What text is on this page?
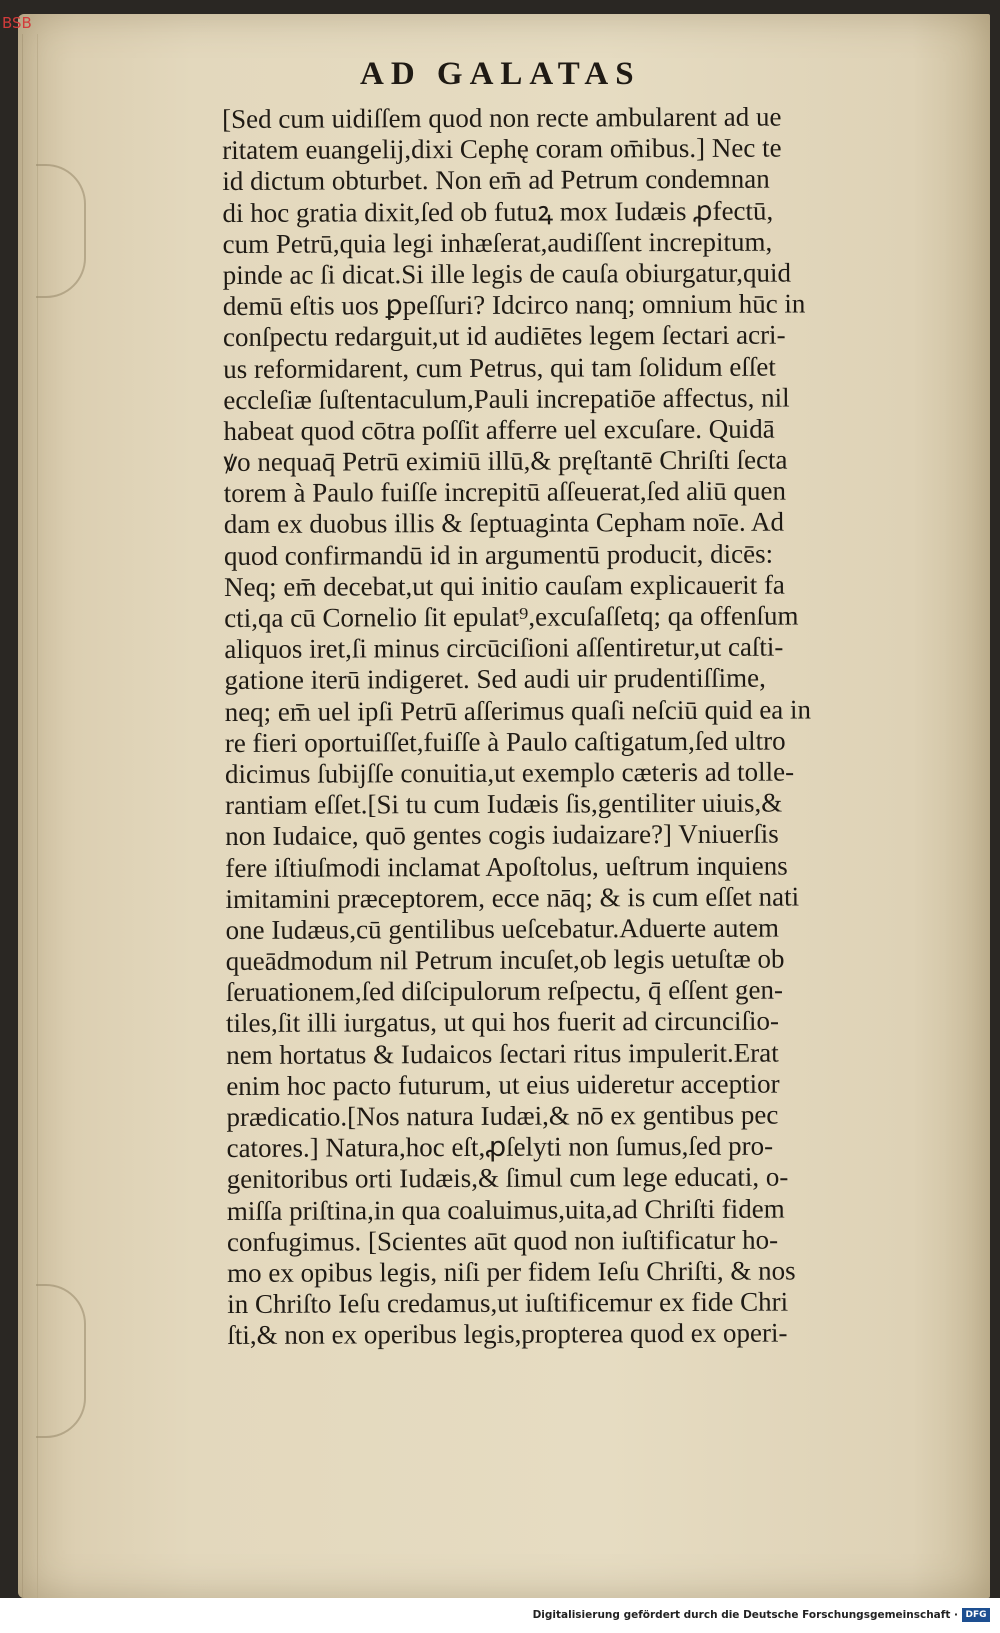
BSB
AD GALATAS
[Sed cum uidiſſem quod non recte ambularent ad ue
ritatem euangelij,dixi Cephę coram om̄ibus.] Nec te
id dictum obturbet. Non em̄ ad Petrum condemnan
di hoc gratia dixit,ſed ob futuꝝ mox Iudæis ꝓfectū,
cum Petrū,quia legi inhæſerat,audiſſent increpitum,
pinde ac ſi dicat.Si ille legis de cauſa obiurgatur,quid
demū eſtis uos ꝑpeſſuri? Idcirco nanq; omnium hūc in
conſpectu redarguit,ut id audiētes legem ſectari acri-
us reformidarent, cum Petrus, qui tam ſolidum eſſet
eccleſiæ ſuſtentaculum,Pauli increpatiōe affectus, nil
habeat quod cōtra poſſit afferre uel excuſare. Quidā
ꝟo nequaq̄ Petrū eximiū illū,& pręſtantē Chriſti ſecta
torem à Paulo fuiſſe increpitū aſſeuerat,ſed aliū quen
dam ex duobus illis & ſeptuaginta Cepham noīe. Ad
quod confirmandū id in argumentū producit, dicēs:
Neq; em̄ decebat,ut qui initio cauſam explicauerit fa
cti,qa cū Cornelio ſit epulat⁹,excuſaſſetq; qa offenſum
aliquos iret,ſi minus circūciſioni aſſentiretur,ut caſti-
gatione iterū indigeret. Sed audi uir prudentiſſime,
neq; em̄ uel ipſi Petrū aſſerimus quaſi neſciū quid ea in
re fieri oportuiſſet,fuiſſe à Paulo caſtigatum,ſed ultro
dicimus ſubijſſe conuitia,ut exemplo cæteris ad tolle-
rantiam eſſet.[Si tu cum Iudæis ſis,gentiliter uiuis,&
non Iudaice, quō gentes cogis iudaizare?] Vniuerſis
fere iſtiuſmodi inclamat Apoſtolus, ueſtrum inquiens
imitamini præceptorem, ecce nāq; & is cum eſſet nati
one Iudæus,cū gentilibus ueſcebatur.Aduerte autem
queādmodum nil Petrum incuſet,ob legis uetuſtæ ob
ſeruationem,ſed diſcipulorum reſpectu, q̄ eſſent gen-
tiles,ſit illi iurgatus, ut qui hos fuerit ad circunciſio-
nem hortatus & Iudaicos ſectari ritus impulerit.Erat
enim hoc pacto futurum, ut eius uideretur acceptior
prædicatio.[Nos natura Iudæi,& nō ex gentibus pec
catores.] Natura,hoc eſt,ꝓſelyti non ſumus,ſed pro-
genitoribus orti Iudæis,& ſimul cum lege educati, o-
miſſa priſtina,in qua coaluimus,uita,ad Chriſti fidem
confugimus. [Scientes aūt quod non iuſtificatur ho-
mo ex opibus legis, niſi per fidem Ieſu Chriſti, & nos
in Chriſto Ieſu credamus,ut iuſtificemur ex fide Chri
ſti,& non ex operibus legis,propterea quod ex operi-
Digitalisierung gefördert durch die Deutsche Forschungsgemeinschaft · DFG
